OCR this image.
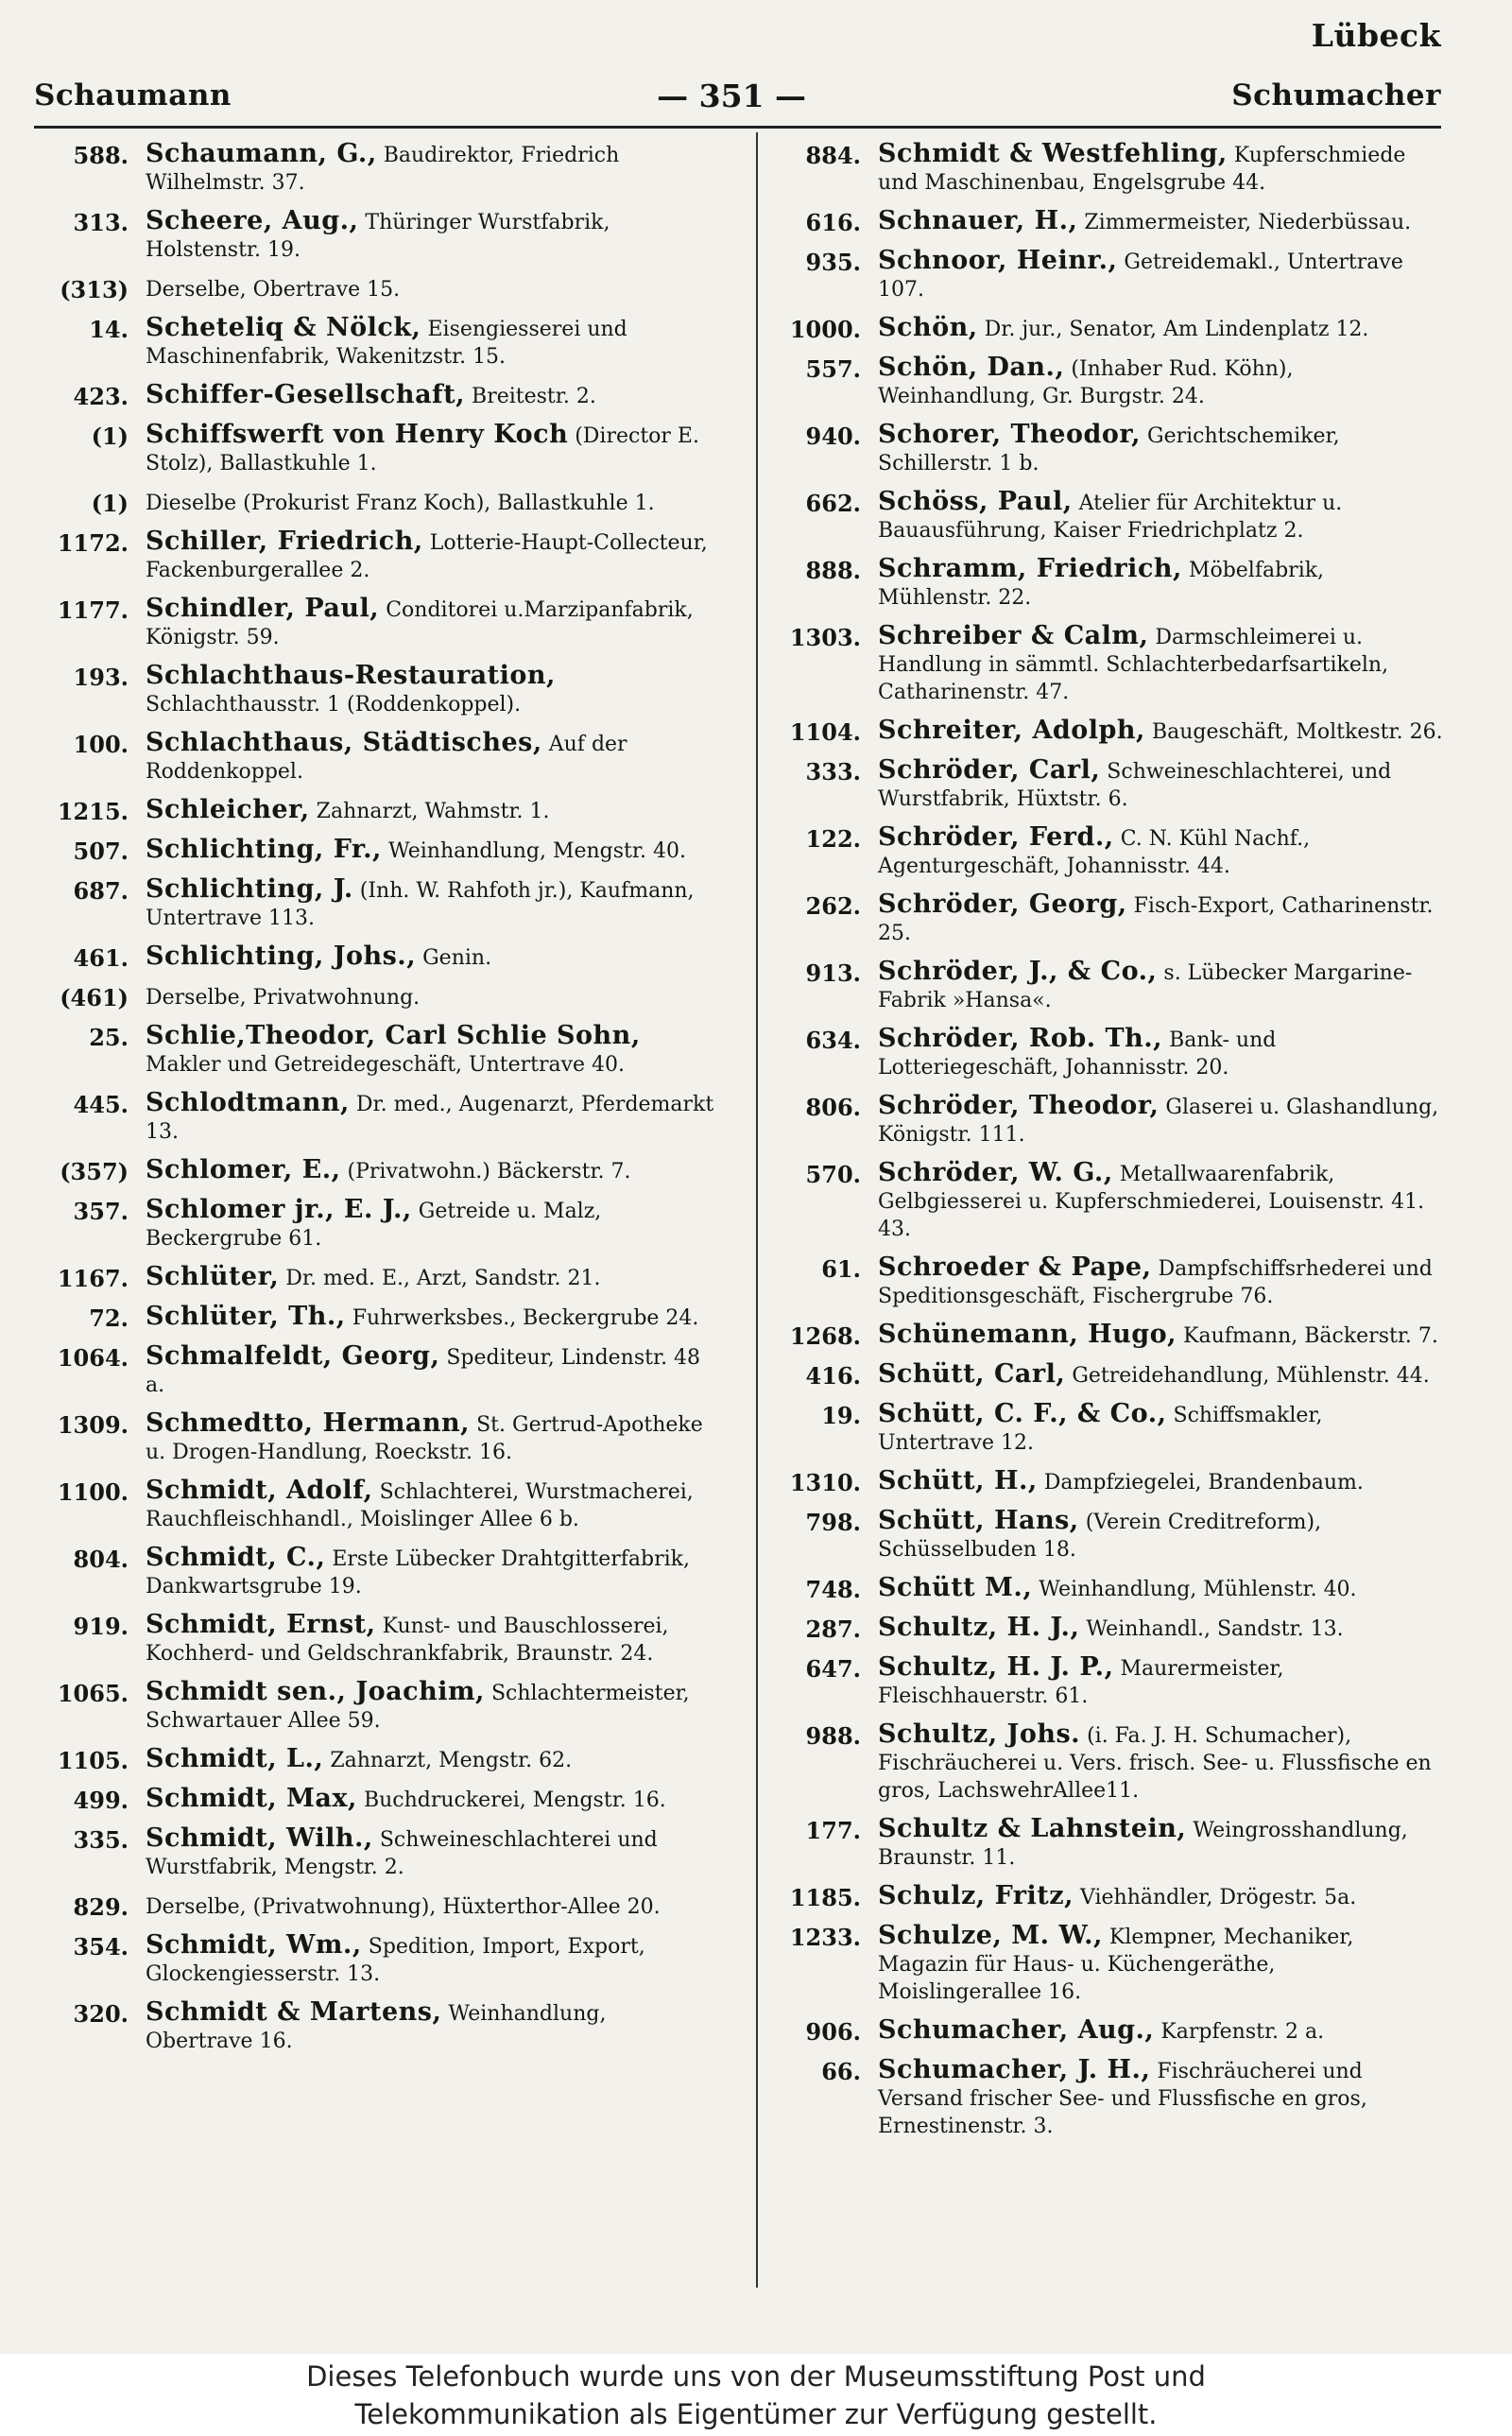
Lübeck
Schaumann	— 351 —	Schumacher
588. Schaumann, G., Baudirektor, Friedrich Wilhelmstr. 37.
313. Scheere, Aug., Thüringer Wurstfabrik, Holstenstr. 19.
(313) Derselbe, Obertrave 15.
14. Scheteliq & Nölck, Eisengiesserei und Maschinenfabrik, Wakenitzstr. 15.
423. Schiffer-Gesellschaft, Breitestr. 2.
(1) Schiffswerft von Henry Koch (Director E. Stolz), Ballastkuhle 1.
(1) Dieselbe (Prokurist Franz Koch), Ballastkuhle 1.
1172. Schiller, Friedrich, Lotterie-Haupt-Collecteur, Fackenburgerallee 2.
1177. Schindler, Paul, Conditorei u.Marzipanfabrik, Königstr. 59.
193. Schlachthaus-Restauration, Schlachthausstr. 1 (Roddenkoppel).
100. Schlachthaus, Städtisches, Auf der Roddenkoppel.
1215. Schleicher, Zahnarzt, Wahmstr. 1.
507. Schlichting, Fr., Weinhandlung, Mengstr. 40.
687. Schlichting, J. (Inh. W. Rahfoth jr.), Kaufmann, Untertrave 113.
461. Schlichting, Johs., Genin.
(461) Derselbe, Privatwohnung.
25. Schlie,Theodor, Carl Schlie Sohn, Makler und Getreidegeschäft, Untertrave 40.
445. Schlodtmann, Dr. med., Augenarzt, Pferdemarkt 13.
(357) Schlomer, E., (Privatwohn.) Bäckerstr. 7.
357. Schlomer jr., E. J., Getreide u. Malz, Beckergrube 61.
1167. Schlüter, Dr. med. E., Arzt, Sandstr. 21.
72. Schlüter, Th., Fuhrwerksbes., Beckergrube 24.
1064. Schmalfeldt, Georg, Spediteur, Lindenstr. 48 a.
1309. Schmedtto, Hermann, St. Gertrud-Apotheke u. Drogen-Handlung, Roeckstr. 16.
1100. Schmidt, Adolf, Schlachterei, Wurstmacherei, Rauchfleischhandl., Moislinger Allee 6 b.
804. Schmidt, C., Erste Lübecker Drahtgitterfabrik, Dankwartsgrube 19.
919. Schmidt, Ernst, Kunst- und Bauschlosserei, Kochherd- und Geldschrankfabrik, Braunstr. 24.
1065. Schmidt sen., Joachim, Schlachtermeister, Schwartauer Allee 59.
1105. Schmidt, L., Zahnarzt, Mengstr. 62.
499. Schmidt, Max, Buchdruckerei, Mengstr. 16.
335. Schmidt, Wilh., Schweineschlachterei und Wurstfabrik, Mengstr. 2.
829. Derselbe, (Privatwohnung), Hüxterthor-Allee 20.
354. Schmidt, Wm., Spedition, Import, Export, Glockengiesserstr. 13.
320. Schmidt & Martens, Weinhandlung, Obertrave 16.
884. Schmidt & Westfehling, Kupferschmiede und Maschinenbau, Engelsgrube 44.
616. Schnauer, H., Zimmermeister, Niederbüssau.
935. Schnoor, Heinr., Getreidemakl., Untertrave 107.
1000. Schön, Dr. jur., Senator, Am Lindenplatz 12.
557. Schön, Dan., (Inhaber Rud. Köhn), Weinhandlung, Gr. Burgstr. 24.
940. Schorer, Theodor, Gerichtschemiker, Schillerstr. 1 b.
662. Schöss, Paul, Atelier für Architektur u. Bauausführung, Kaiser Friedrichplatz 2.
888. Schramm, Friedrich, Möbelfabrik, Mühlenstr. 22.
1303. Schreiber & Calm, Darmschleimerei u. Handlung in sämmtl. Schlachterbedarfsartikeln, Catharinenstr. 47.
1104. Schreiter, Adolph, Baugeschäft, Moltkestr. 26.
333. Schröder, Carl, Schweineschlachterei, und Wurstfabrik, Hüxtstr. 6.
122. Schröder, Ferd., C. N. Kühl Nachf., Agenturgeschäft, Johannisstr. 44.
262. Schröder, Georg, Fisch-Export, Catharinenstr. 25.
913. Schröder, J., & Co., s. Lübecker Margarine-Fabrik »Hansa«.
634. Schröder, Rob. Th., Bank- und Lotteriegeschäft, Johannisstr. 20.
806. Schröder, Theodor, Glaserei u. Glashandlung, Königstr. 111.
570. Schröder, W. G., Metallwaarenfabrik, Gelbgiesserei u. Kupferschmiederei, Louisenstr. 41. 43.
61. Schroeder & Pape, Dampfschiffsrhederei und Speditionsgeschäft, Fischergrube 76.
1268. Schünemann, Hugo, Kaufmann, Bäckerstr. 7.
416. Schütt, Carl, Getreidehandlung, Mühlenstr. 44.
19. Schütt, C. F., & Co., Schiffsmakler, Untertrave 12.
1310. Schütt, H., Dampfziegelei, Brandenbaum.
798. Schütt, Hans, (Verein Creditreform), Schüsselbuden 18.
748. Schütt M., Weinhandlung, Mühlenstr. 40.
287. Schultz, H. J., Weinhandl., Sandstr. 13.
647. Schultz, H. J. P., Maurermeister, Fleischhauerstr. 61.
988. Schultz, Johs. (i. Fa. J. H. Schumacher), Fischräucherei u. Vers. frisch. See- u. Flussfische en gros, LachswehrAllee11.
177. Schultz & Lahnstein, Weingrosshandlung, Braunstr. 11.
1185. Schulz, Fritz, Viehhändler, Drögestr. 5a.
1233. Schulze, M. W., Klempner, Mechaniker, Magazin für Haus- u. Küchengeräthe, Moislingerallee 16.
906. Schumacher, Aug., Karpfenstr. 2 a.
66. Schumacher, J. H., Fischräucherei und Versand frischer See- und Flussfische en gros, Ernestinenstr. 3.
Dieses Telefonbuch wurde uns von der Museumsstiftung Post und
Telekommunikation als Eigentümer zur Verfügung gestellt.
